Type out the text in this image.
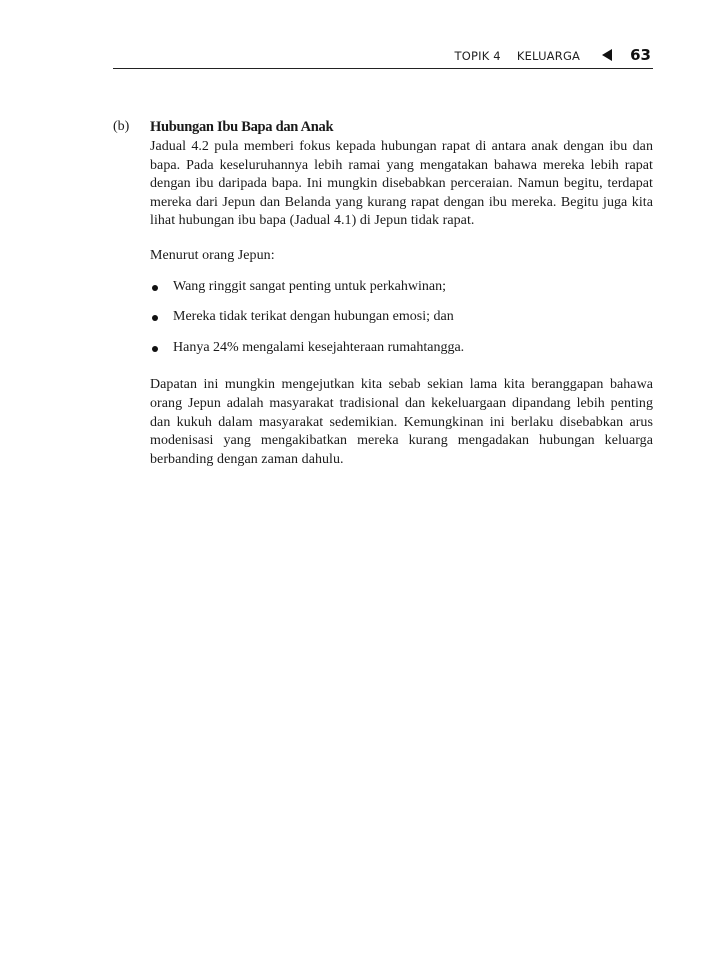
TOPIK 4 KELUARGA	63
(b) Hubungan Ibu Bapa dan Anak

Jadual 4.2 pula memberi fokus kepada hubungan rapat di antara anak dengan ibu dan bapa. Pada keseluruhannya lebih ramai yang mengatakan bahawa mereka lebih rapat dengan ibu daripada bapa. Ini mungkin disebabkan perceraian. Namun begitu, terdapat mereka dari Jepun dan Belanda yang kurang rapat dengan ibu mereka. Begitu juga kita lihat hubungan ibu bapa (Jadual 4.1) di Jepun tidak rapat.

Menurut orang Jepun:

Wang ringgit sangat penting untuk perkahwinan;
Mereka tidak terikat dengan hubungan emosi; dan
Hanya 24% mengalami kesejahteraan rumahtangga.

Dapatan ini mungkin mengejutkan kita sebab sekian lama kita beranggapan bahawa orang Jepun adalah masyarakat tradisional dan kekeluargaan dipandang lebih penting dan kukuh dalam masyarakat sedemikian. Kemungkinan ini berlaku disebabkan arus modenisasi yang mengakibatkan mereka kurang mengadakan hubungan keluarga berbanding dengan zaman dahulu.
